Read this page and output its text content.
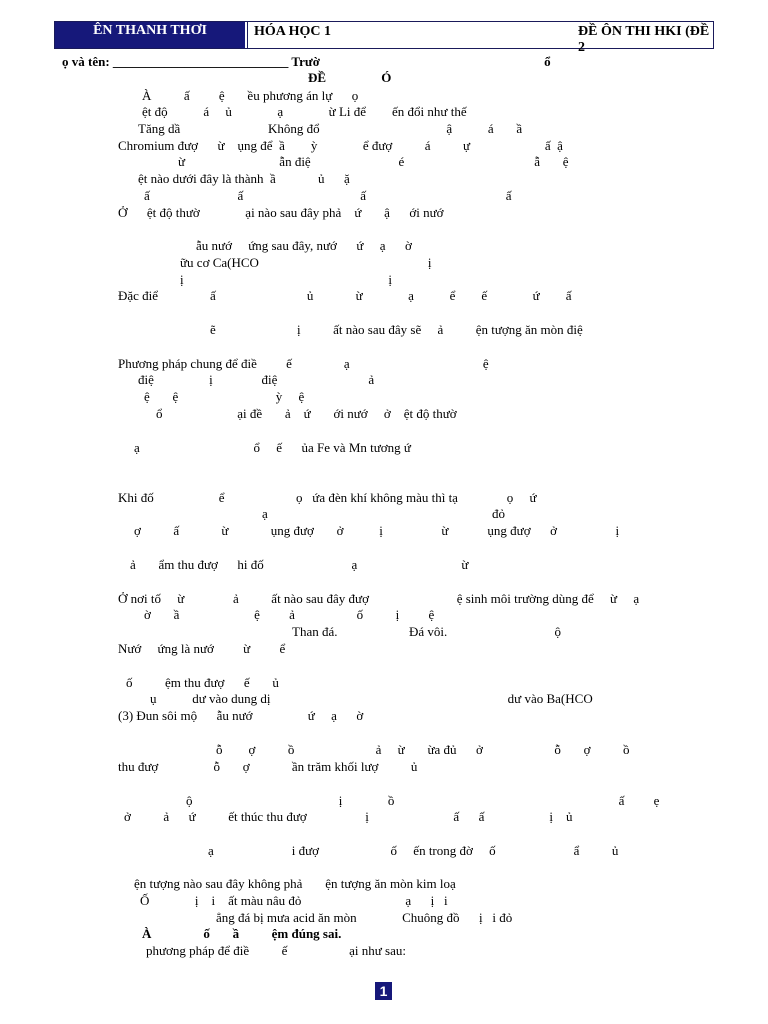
ÊN THANH THƠI	HÓA HỌC 1	ĐỀ ÔN THI HKI (ĐỀ 2
ọ và tên: ___________________________ Trườ                                                                     ổ
ĐỀ                 Ó
À          ấ         ệ       ều phương án lự      ọ
ệt độ           á     ủ              ạ              ừ Li để        ến đổi như thế
Tăng dầ                           Không đổ                                       ậ           á       ầ
Chromium đượ      ừ    ụng để  ầ        ỳ              ể đượ          á          ự                       ấ  ậ
ừ                             ẫn điệ                           é                                        ẫ       ệ
ệt nào dưới đây là thành  ầ             ủ      ặ
ấ                           ấ                                    ấ                                           ấ
Ở      ệt độ thườ              ại nào sau đây phả    ứ       ậ      ới nướ
ẫu nướ     ứng sau đây, nướ      ứ     ạ      ờ
ữu cơ Ca(HCO                                                    ị
ị                                                               ị
Đặc điể                ấ                            ủ             ừ              ạ           ể        ế              ứ        ấ
ẽ                         ị          ất nào sau đây sẽ     ả          ện tượng ăn mòn điệ
Phương pháp chung để điề         ế                ạ                                         ệ
điệ                 ị               điệ                            ả
ệ       ệ                              ỳ     ệ
ổ                       ại đề       ả    ứ       ới nướ     ở    ệt độ thườ
ạ                                   ổ     ế      ủa Fe và Mn tương ứ
Khi đố                    ể                      ọ   ứa đèn khí không màu thì tạ               ọ     ứ
ạ                                                                     đỏ
ợ          ấ             ừ             ụng đượ       ở           ị                  ừ            ụng đượ      ở                  ị
ả       ẩm thu đượ      hi đố                           ạ                                ừ
Ở nơi tố     ừ               ả          ất nào sau đây đượ                           ệ sinh môi trường dùng để     ừ     ạ
ờ       ầ                       ệ         ả                   ố          ị         ệ
Than đá.                      Đá vôi.                                 ộ
Nướ     ứng là nướ         ừ         ể
ố          ệm thu đượ      ế       ủ
ụ           dư vào dung dị                                                                         dư vào Ba(HCO
(3) Đun sôi mộ      ẫu nướ                 ứ     ạ      ờ
ỗ        ợ          ồ                         ả     ừ       ừa đủ      ở                      ỗ       ợ          ồ
thu đượ                 ỗ       ợ             ần trăm khối lượ          ủ
ộ                                             ị              ồ                                                                     ấ         ẹ
ở          ả      ứ          ết thúc thu đượ                  ị                          ấ      ấ                    ị    ủ
ạ                        i đượ                      ố     ến trong đờ     ố                        ẩ          ủ
ện tượng nào sau đây không phả       ện tượng ăn mòn kim loạ
Ố              ị    i    ất màu nâu đỏ                                ạ      ị   i
ẳng đá bị mưa acid ăn mòn              Chuông đồ      ị   i đỏ
À                ố       ầ          ệm đúng sai.
phương pháp để điề          ế                   ại như sau:
1
